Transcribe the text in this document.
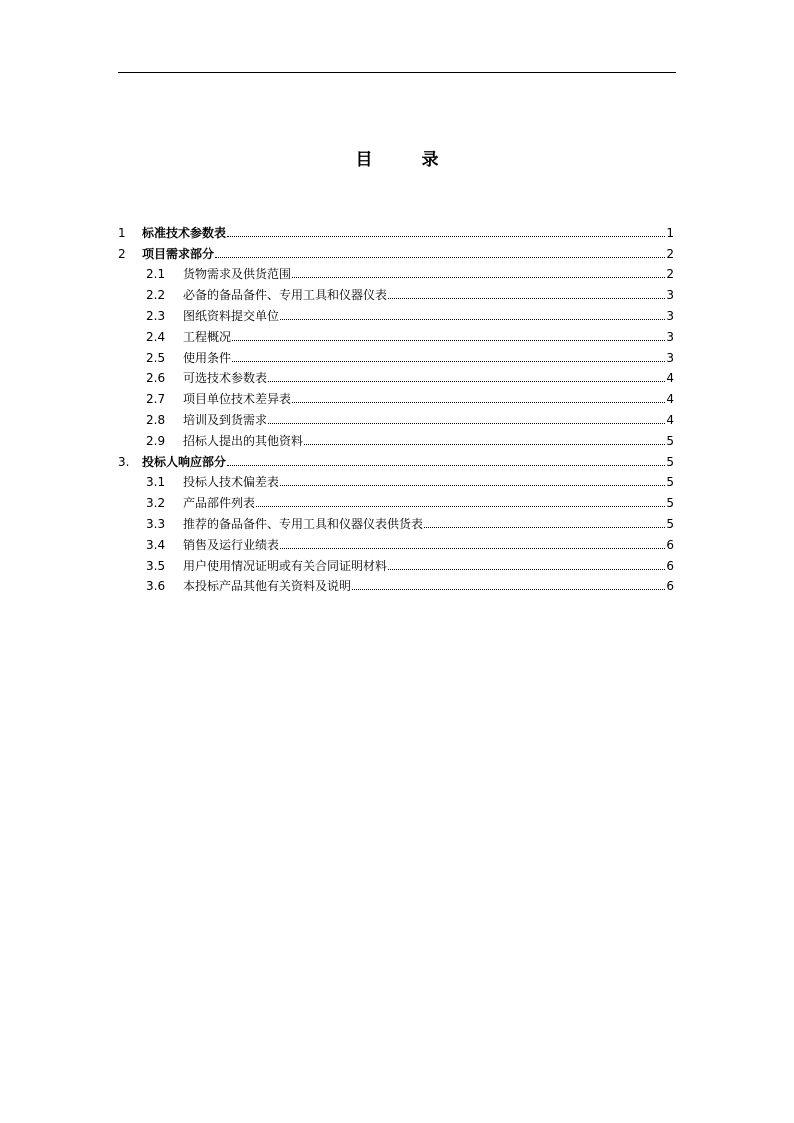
目　录
1	标准技术参数表	1
2	项目需求部分	2
2.1	货物需求及供货范围	2
2.2	必备的备品备件、专用工具和仪器仪表	3
2.3	图纸资料提交单位	3
2.4	工程概况	3
2.5	使用条件	3
2.6	可选技术参数表	4
2.7	项目单位技术差异表	4
2.8	培训及到货需求	4
2.9	招标人提出的其他资料	5
3.	投标人响应部分	5
3.1	投标人技术偏差表	5
3.2	产品部件列表	5
3.3	推荐的备品备件、专用工具和仪器仪表供货表	5
3.4	销售及运行业绩表	6
3.5	用户使用情况证明或有关合同证明材料	6
3.6	本投标产品其他有关资料及说明	6
